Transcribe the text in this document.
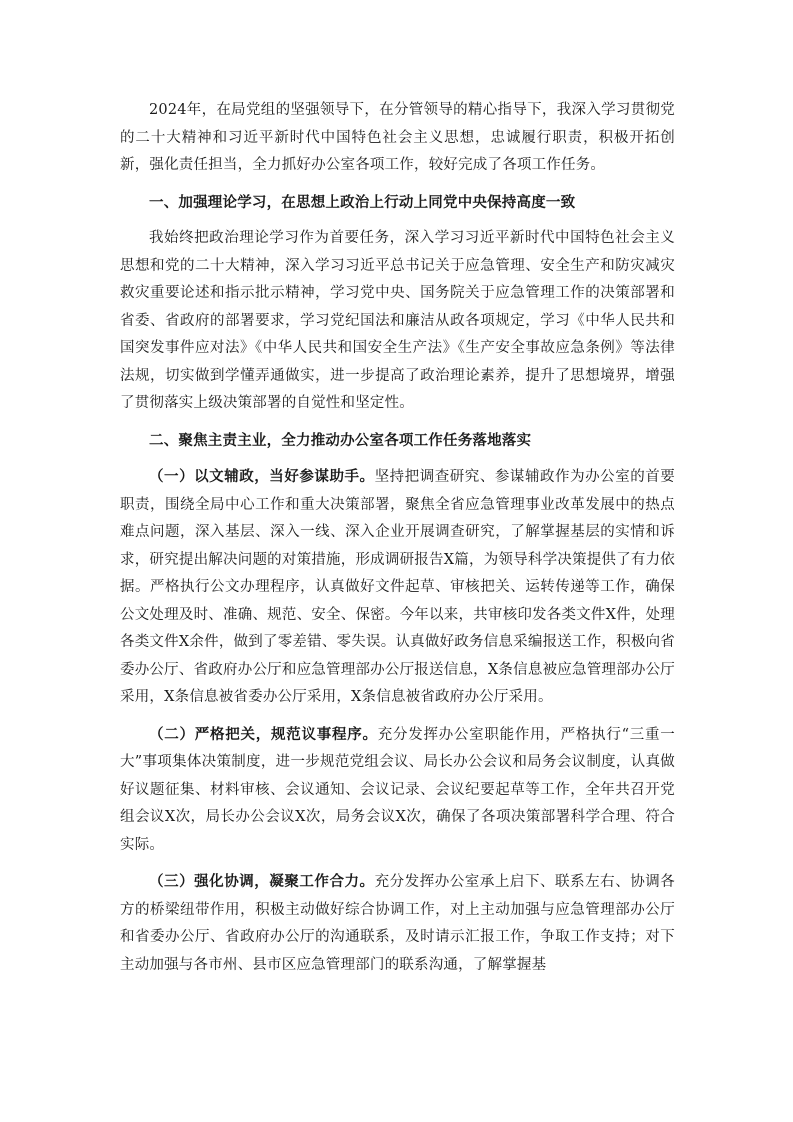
2024年，在局党组的坚强领导下，在分管领导的精心指导下，我深入学习贯彻党的二十大精神和习近平新时代中国特色社会主义思想，忠诚履行职责，积极开拓创新，强化责任担当，全力抓好办公室各项工作，较好完成了各项工作任务。

一、加强理论学习，在思想上政治上行动上同党中央保持高度一致

我始终把政治理论学习作为首要任务，深入学习习近平新时代中国特色社会主义思想和党的二十大精神，深入学习习近平总书记关于应急管理、安全生产和防灾减灾救灾重要论述和指示批示精神，学习党中央、国务院关于应急管理工作的决策部署和省委、省政府的部署要求，学习党纪国法和廉洁从政各项规定，学习《中华人民共和国突发事件应对法》《中华人民共和国安全生产法》《生产安全事故应急条例》等法律法规，切实做到学懂弄通做实，进一步提高了政治理论素养，提升了思想境界，增强了贯彻落实上级决策部署的自觉性和坚定性。

二、聚焦主责主业，全力推动办公室各项工作任务落地落实

（一）以文辅政，当好参谋助手。坚持把调查研究、参谋辅政作为办公室的首要职责，围绕全局中心工作和重大决策部署，聚焦全省应急管理事业改革发展中的热点难点问题，深入基层、深入一线、深入企业开展调查研究，了解掌握基层的实情和诉求，研究提出解决问题的对策措施，形成调研报告X篇，为领导科学决策提供了有力依据。严格执行公文办理程序，认真做好文件起草、审核把关、运转传递等工作，确保公文处理及时、准确、规范、安全、保密。今年以来，共审核印发各类文件X件，处理各类文件X余件，做到了零差错、零失误。认真做好政务信息采编报送工作，积极向省委办公厅、省政府办公厅和应急管理部办公厅报送信息，X条信息被应急管理部办公厅采用，X条信息被省委办公厅采用，X条信息被省政府办公厅采用。

（二）严格把关，规范议事程序。充分发挥办公室职能作用，严格执行“三重一大”事项集体决策制度，进一步规范党组会议、局长办公会议和局务会议制度，认真做好议题征集、材料审核、会议通知、会议记录、会议纪要起草等工作，全年共召开党组会议X次，局长办公会议X次，局务会议X次，确保了各项决策部署科学合理、符合实际。

（三）强化协调，凝聚工作合力。充分发挥办公室承上启下、联系左右、协调各方的桥梁纽带作用，积极主动做好综合协调工作，对上主动加强与应急管理部办公厅和省委办公厅、省政府办公厅的沟通联系，及时请示汇报工作，争取工作支持；对下主动加强与各市州、县市区应急管理部门的联系沟通，了解掌握基
